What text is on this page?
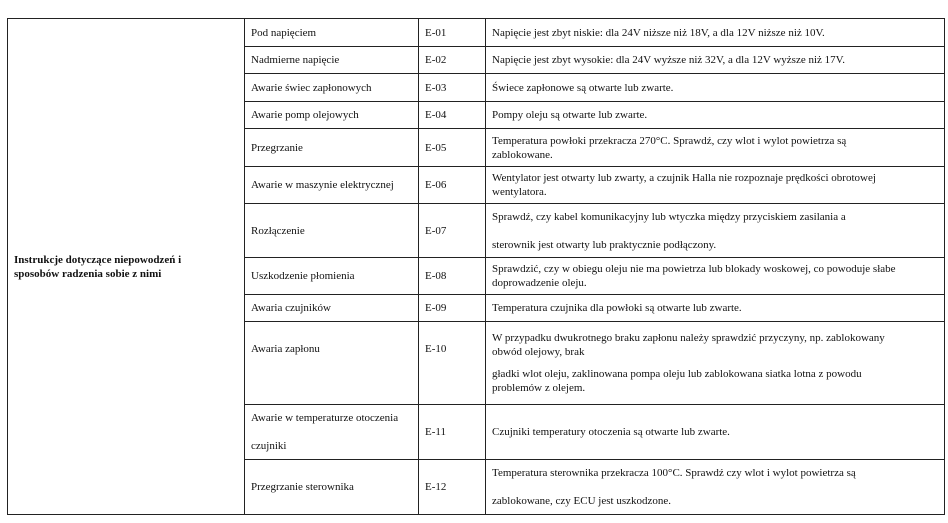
Instrukcje dotyczące niepowodzeń i
sposobów radzenia sobie z nimi	Pod napięciem	E-01	Napięcie jest zbyt niskie: dla 24V niższe niż 18V, a dla 12V niższe niż 10V.

	Nadmierne napięcie	E-02	Napięcie jest zbyt wysokie: dla 24V wyższe niż 32V, a dla 12V wyższe niż 17V.

	Awarie świec zapłonowych	E-03	Świece zapłonowe są otwarte lub zwarte.

	Awarie pomp olejowych	E-04	Pompy oleju są otwarte lub zwarte.

	Przegrzanie	E-05	Temperatura powłoki przekracza 270°C. Sprawdź, czy wlot i wylot powietrza są
zablokowane.

	Awarie w maszynie elektrycznej	E-06	Wentylator jest otwarty lub zwarty, a czujnik Halla nie rozpoznaje prędkości obrotowej
wentylatora.

	Rozłączenie	E-07	Sprawdź, czy kabel komunikacyjny lub wtyczka między przyciskiem zasilania a
sterownik jest otwarty lub praktycznie podłączony.

	Uszkodzenie płomienia	E-08	Sprawdzić, czy w obiegu oleju nie ma powietrza lub blokady woskowej, co powoduje słabe
doprowadzenie oleju.

	Awaria czujników	E-09	Temperatura czujnika dla powłoki są otwarte lub zwarte.

	Awaria zapłonu	E-10	W przypadku dwukrotnego braku zapłonu należy sprawdzić przyczyny, np. zablokowany
obwód olejowy, brak
gładki wlot oleju, zaklinowana pompa oleju lub zablokowana siatka lotna z powodu
problemów z olejem.

	Awarie w temperaturze otoczenia
czujniki	E-11	Czujniki temperatury otoczenia są otwarte lub zwarte.

	Przegrzanie sterownika	E-12	Temperatura sterownika przekracza 100°C. Sprawdź czy wlot i wylot powietrza są
zablokowane, czy ECU jest uszkodzone.
